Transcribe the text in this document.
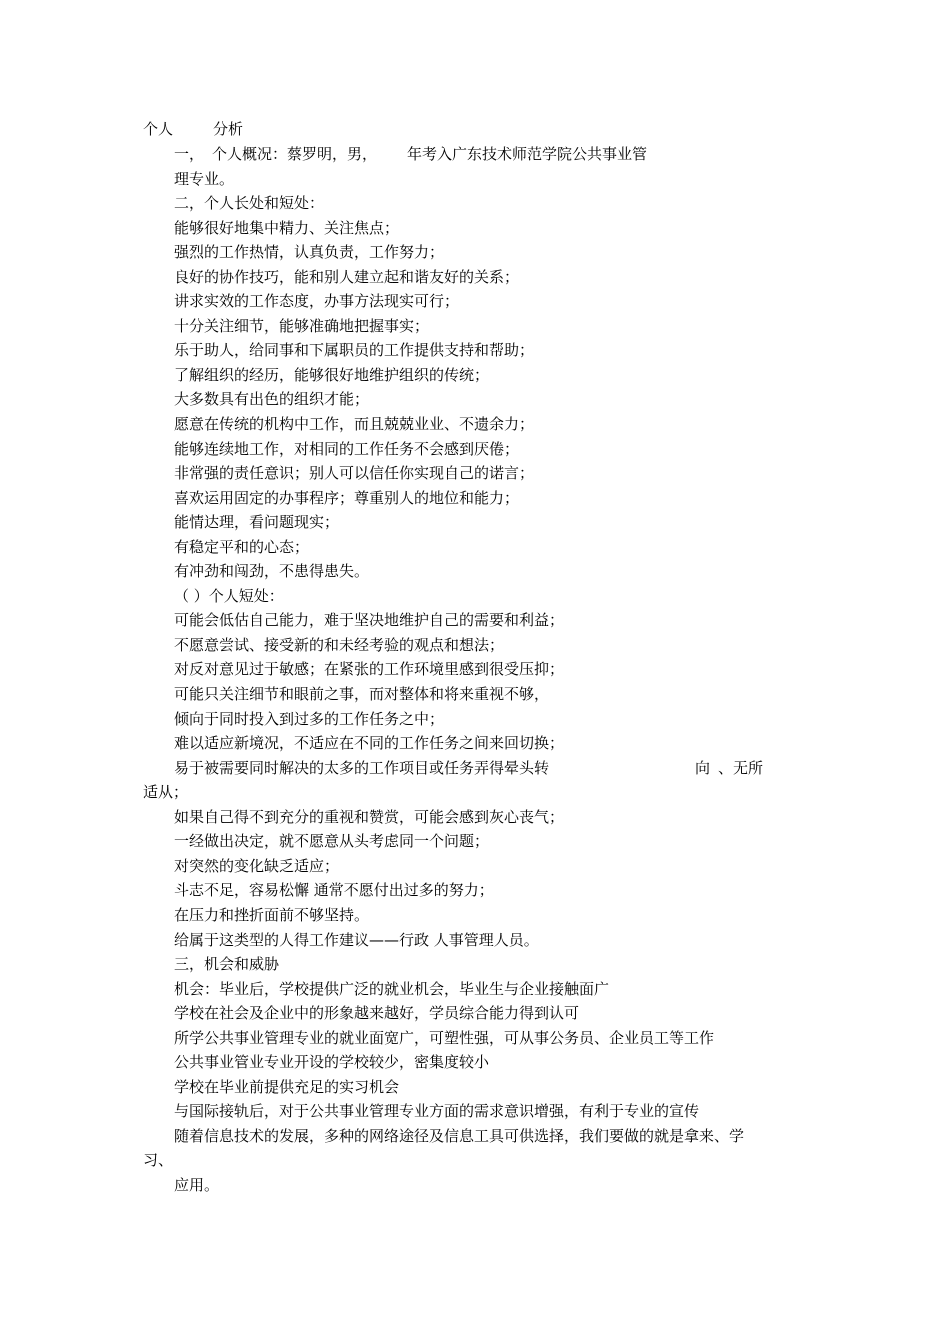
个人	分析
一， 个人概况：蔡罗明，男， 年考入广东技术师范学院公共事业管
理专业。
二，个人长处和短处：
能够很好地集中精力、关注焦点；
强烈的工作热情，认真负责，工作努力；
良好的协作技巧，能和别人建立起和谐友好的关系；
讲求实效的工作态度，办事方法现实可行；
十分关注细节，能够准确地把握事实；
乐于助人，给同事和下属职员的工作提供支持和帮助；
了解组织的经历，能够很好地维护组织的传统；
大多数具有出色的组织才能；
愿意在传统的机构中工作，而且兢兢业业、不遗余力；
能够连续地工作，对相同的工作任务不会感到厌倦；
非常强的责任意识；别人可以信任你实现自己的诺言；
喜欢运用固定的办事程序；尊重别人的地位和能力；
能情达理，看问题现实；
有稳定平和的心态；
有冲劲和闯劲，不患得患失。
（ ）个人短处：
可能会低估自己能力，难于坚决地维护自己的需要和利益；
不愿意尝试、接受新的和未经考验的观点和想法；
对反对意见过于敏感；在紧张的工作环境里感到很受压抑；
可能只关注细节和眼前之事，而对整体和将来重视不够，
倾向于同时投入到过多的工作任务之中；
难以适应新境况，不适应在不同的工作任务之间来回切换；
易于被需要同时解决的太多的工作项目或任务弄得晕头转	向 、无所
适从；
如果自己得不到充分的重视和赞赏，可能会感到灰心丧气；
一经做出决定，就不愿意从头考虑同一个问题；
对突然的变化缺乏适应；
斗志不足，容易松懈 通常不愿付出过多的努力；
在压力和挫折面前不够坚持。
给属于这类型的人得工作建议——行政 人事管理人员。
三，机会和威胁
机会：毕业后，学校提供广泛的就业机会，毕业生与企业接触面广
学校在社会及企业中的形象越来越好，学员综合能力得到认可
所学公共事业管理专业的就业面宽广，可塑性强，可从事公务员、企业员工等工作
公共事业管业专业开设的学校较少，密集度较小
学校在毕业前提供充足的实习机会
与国际接轨后，对于公共事业管理专业方面的需求意识增强，有利于专业的宣传
随着信息技术的发展，多种的网络途径及信息工具可供选择，我们要做的就是拿来、学
习、
应用。
